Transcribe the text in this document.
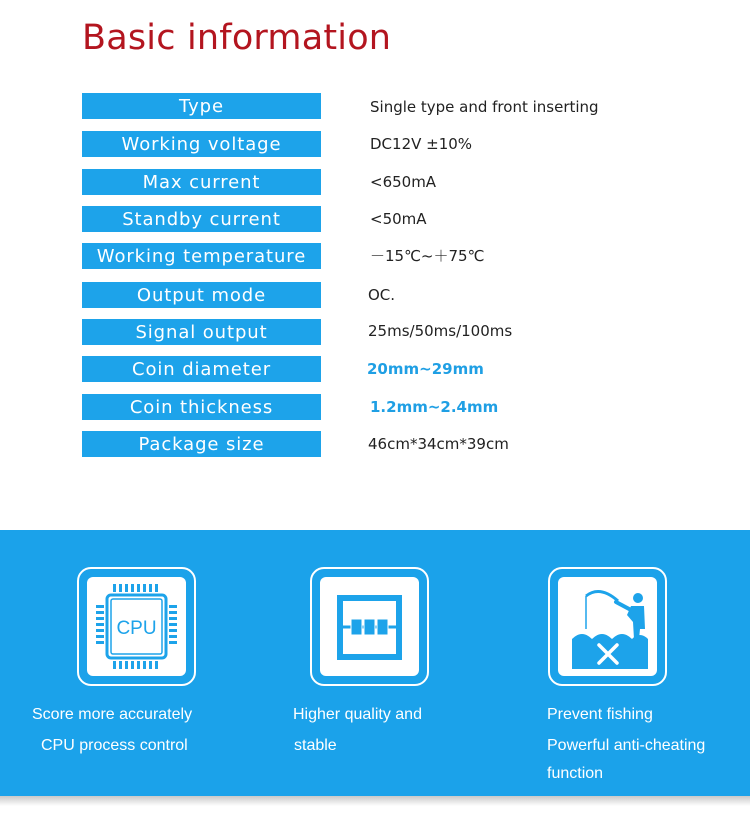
Basic information
Type	Single type and front inserting
Working voltage	DC12V ±10%
Max current	<650mA
Standby current	<50mA
Working temperature	－15℃~＋75℃
Output mode	OC.
Signal output	25ms/50ms/100ms
Coin diameter	20mm~29mm
Coin thickness	1.2mm~2.4mm
Package size	46cm*34cm*39cm
CPU
Score more accurately
CPU process control
Higher quality and
stable
Prevent fishing
Powerful anti-cheating
function
